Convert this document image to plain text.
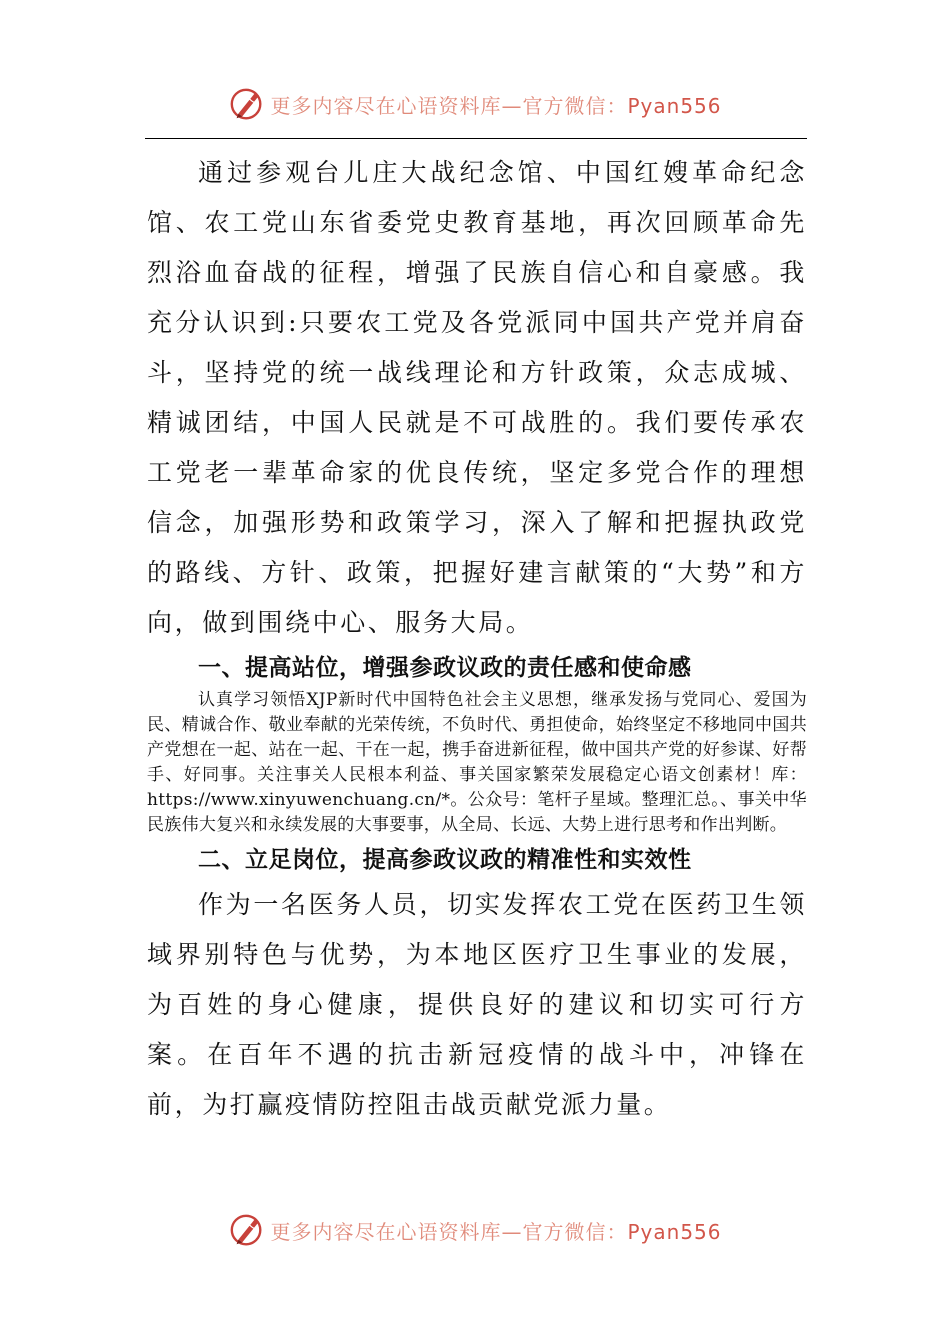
更多内容尽在心语资料库—官方微信：Pyan556

通过参观台儿庄大战纪念馆、中国红嫂革命纪念馆、农工党山东省委党史教育基地，再次回顾革命先烈浴血奋战的征程，增强了民族自信心和自豪感。我充分认识到:只要农工党及各党派同中国共产党并肩奋斗，坚持党的统一战线理论和方针政策，众志成城、精诚团结，中国人民就是不可战胜的。我们要传承农工党老一辈革命家的优良传统，坚定多党合作的理想信念，加强形势和政策学习，深入了解和把握执政党的路线、方针、政策，把握好建言献策的“大势”和方向，做到围绕中心、服务大局。

一、提高站位，增强参政议政的责任感和使命感

认真学习领悟XJP新时代中国特色社会主义思想，继承发扬与党同心、爱国为民、精诚合作、敬业奉献的光荣传统，不负时代、勇担使命，始终坚定不移地同中国共产党想在一起、站在一起、干在一起，携手奋进新征程，做中国共产党的好参谋、好帮手、好同事。关注事关人民根本利益、事关国家繁荣发展稳定心语文创素材！库：https://www.xinyuwenchuang.cn/*。公众号：笔杆子星域。整理汇总。、事关中华民族伟大复兴和永续发展的大事要事，从全局、长远、大势上进行思考和作出判断。

二、立足岗位，提高参政议政的精准性和实效性

作为一名医务人员，切实发挥农工党在医药卫生领域界别特色与优势，为本地区医疗卫生事业的发展，为百姓的身心健康，提供良好的建议和切实可行方案。在百年不遇的抗击新冠疫情的战斗中，冲锋在前，为打赢疫情防控阻击战贡献党派力量。

更多内容尽在心语资料库—官方微信：Pyan556
